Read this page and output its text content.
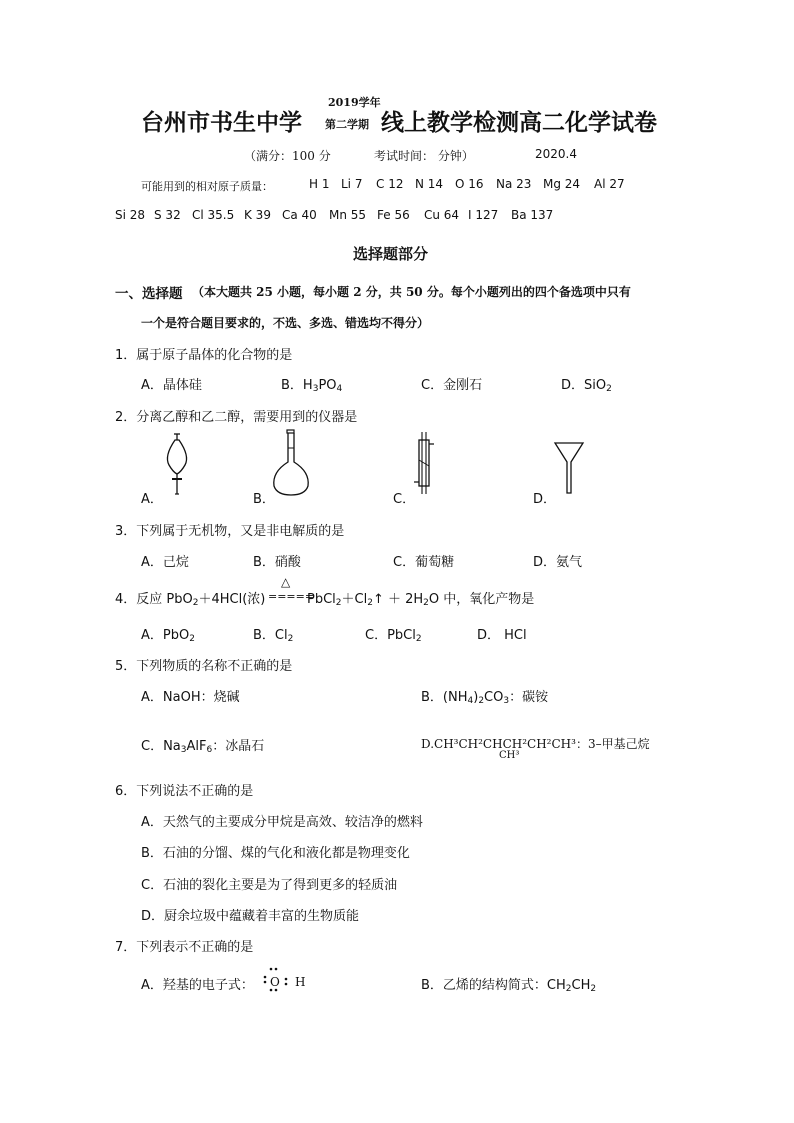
台州市书生中学
2019学年
第二学期 线上教学检测高二化学试卷
（满分：100 分	考试时间： 分钟）	2020.4
可能用到的相对原子质量：	H 1 Li 7 C 12 N 14 O 16 Na 23 Mg 24 Al 27
Si 28 S 32 Cl 35.5 K 39 Ca 40 Mn 55 Fe 56 Cu 64 I 127 Ba 137
选择题部分
一、选择题 （本大题共 25 小题，每小题 2 分，共 50 分。每个小题列出的四个备选项中只有
一个是符合题目要求的，不选、多选、错选均不得分）
1．属于原子晶体的化合物的是
A．晶体硅	B．$H_3PO_4$	C．金刚石	D．SiO$_2$
2．分离乙醇和乙二醇，需要用到的仪器是
A．	B．	C．	D．
3．下列属于无机物，又是非电解质的是
A．己烷	B．硝酸	C．葡萄糖	D．氨气
4．反应 PbO$_2$＋4HCl(浓)
△
=====
$PbCl_2+Cl_2↑ + 2H_2O$ 中，氧化产物是
A．PbO$_2$	B．$Cl_2$	C．PbCl$_2$	D． HCl
5．下列物质的名称不正确的是
A．NaOH：烧碱	B．$(NH_4)_2CO_3$：碳铵
C．$Na_3AlF_6$：冰晶石	D.CH³CH²CHCH²CH²CH³：3–甲基己烷
CH³
6．下列说法不正确的是
A．天然气的主要成分甲烷是高效、较洁净的燃料
B．石油的分馏、煤的气化和液化都是物理变化
C．石油的裂化主要是为了得到更多的轻质油
D．厨余垃圾中蕴藏着丰富的生物质能
7．下列表示不正确的是
A．羟基的电子式： O H	B．乙烯的结构简式：$CH_2CH_2$
